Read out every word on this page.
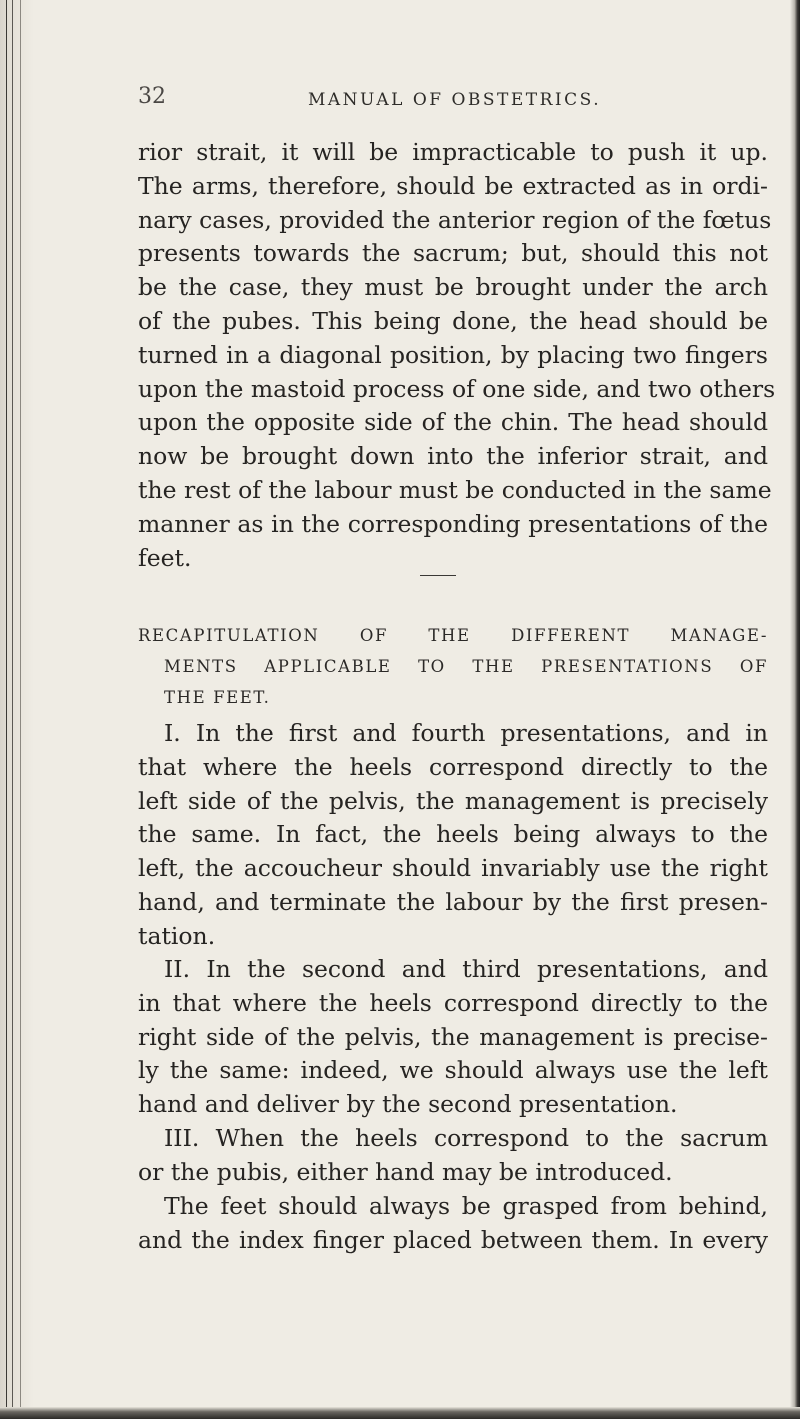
32	MANUAL OF OBSTETRICS.
rior strait, it will be impracticable to push it up.
The arms, therefore, should be extracted as in ordi-
nary cases, provided the anterior region of the fœtus
presents towards the sacrum; but, should this not
be the case, they must be brought under the arch
of the pubes. This being done, the head should be
turned in a diagonal position, by placing two fingers
upon the mastoid process of one side, and two others
upon the opposite side of the chin. The head should
now be brought down into the inferior strait, and
the rest of the labour must be conducted in the same
manner as in the corresponding presentations of the
feet.
RECAPITULATION OF THE DIFFERENT MANAGE-
MENTS APPLICABLE TO THE PRESENTATIONS OF
THE FEET.
I. In the first and fourth presentations, and in
that where the heels correspond directly to the
left side of the pelvis, the management is precisely
the same. In fact, the heels being always to the
left, the accoucheur should invariably use the right
hand, and terminate the labour by the first presen-
tation.
II. In the second and third presentations, and
in that where the heels correspond directly to the
right side of the pelvis, the management is precise-
ly the same: indeed, we should always use the left
hand and deliver by the second presentation.
III. When the heels correspond to the sacrum
or the pubis, either hand may be introduced.
The feet should always be grasped from behind,
and the index finger placed between them. In every
